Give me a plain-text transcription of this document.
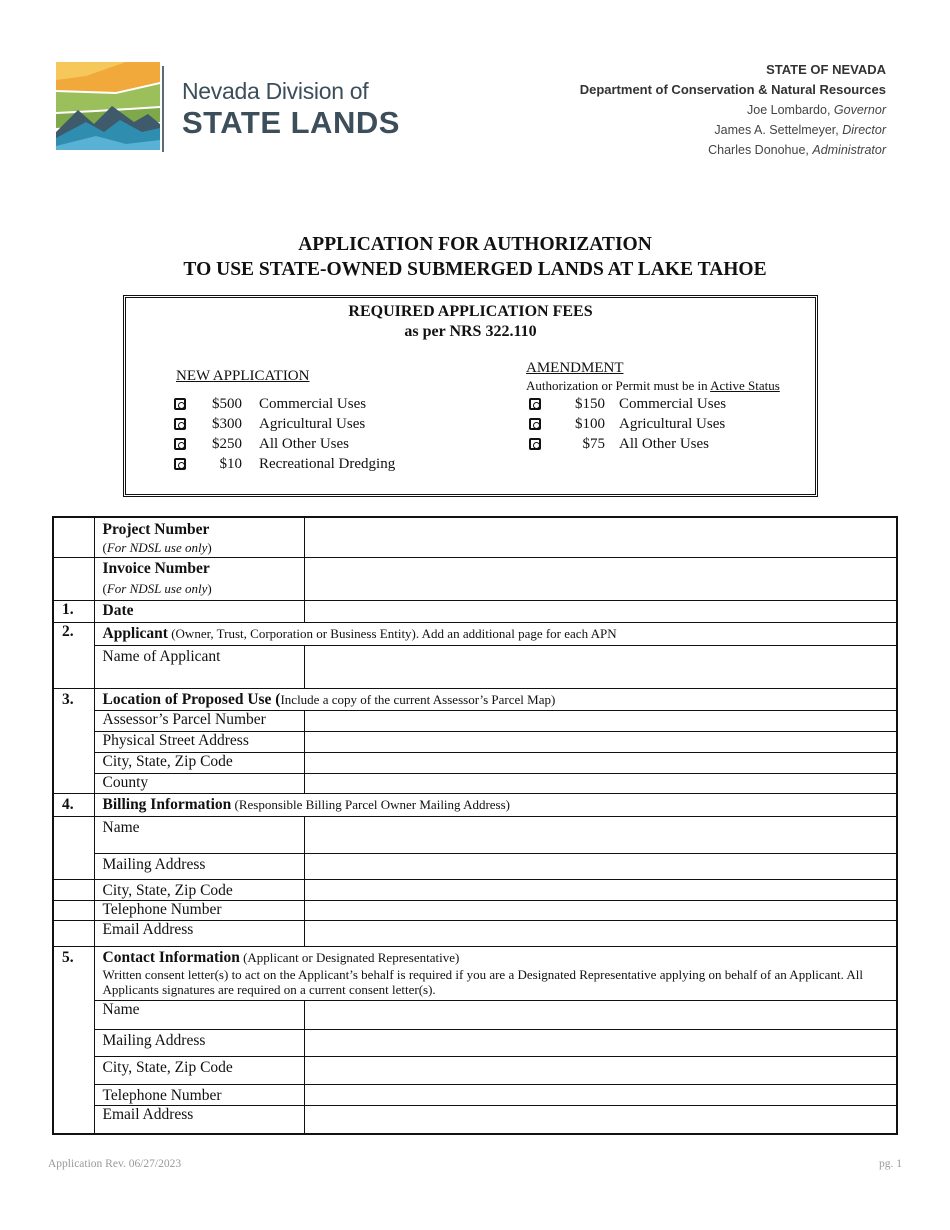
Nevada Division of
STATE LANDS
STATE OF NEVADA
Department of Conservation & Natural Resources
Joe Lombardo, Governor
James A. Settelmeyer, Director
Charles Donohue, Administrator
APPLICATION FOR AUTHORIZATION
TO USE STATE-OWNED SUBMERGED LANDS AT LAKE TAHOE
REQUIRED APPLICATION FEES
as per NRS 322.110
NEW APPLICATION
$500 Commercial Uses
$300 Agricultural Uses
$250 All Other Uses
$10 Recreational Dredging
AMENDMENT
Authorization or Permit must be in Active Status
$150 Commercial Uses
$100 Agricultural Uses
$75 All Other Uses
	Project Number
(For NDSL use only)	
	Invoice Number
(For NDSL use only)	
1.	Date	
2.	Applicant (Owner, Trust, Corporation or Business Entity). Add an additional page for each APN	
	Name of Applicant	
3.	Location of Proposed Use (Include a copy of the current Assessor’s Parcel Map)	
	Assessor’s Parcel Number	
	Physical Street Address	
	City, State, Zip Code	
	County	
4.	Billing Information (Responsible Billing Parcel Owner Mailing Address)	
	Name	
	Mailing Address	
	City, State, Zip Code	
	Telephone Number	
	Email Address	
5.	Contact Information (Applicant or Designated Representative)
Written consent letter(s) to act on the Applicant’s behalf is required if you are a Designated Representative applying on behalf of an Applicant. All Applicants signatures are required on a current consent letter(s).	

	Name	
	Mailing Address	
	City, State, Zip Code	
	Telephone Number	
	Email Address	
Application Rev. 06/27/2023	pg. 1
